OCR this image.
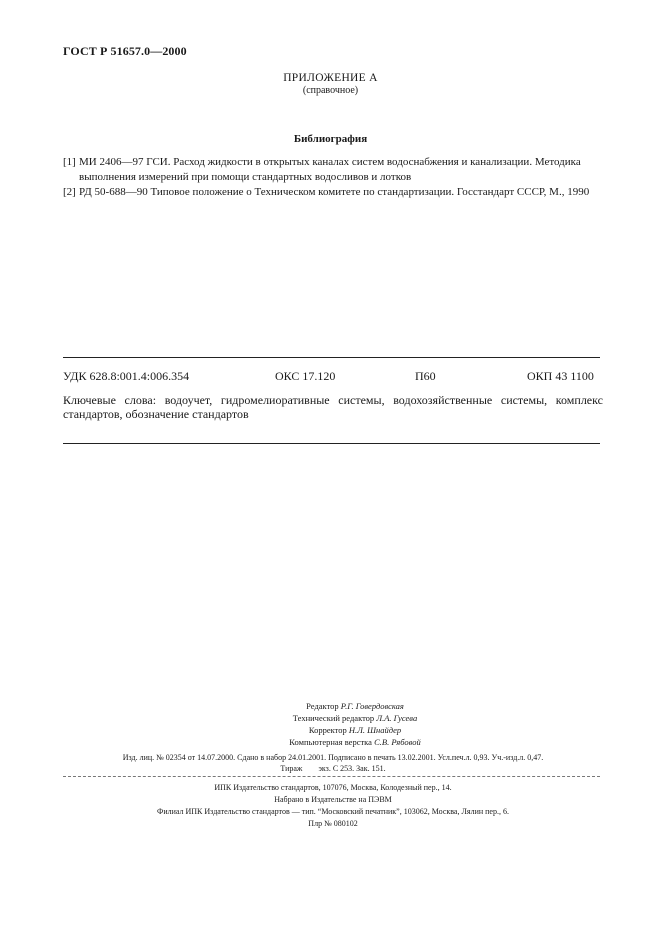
ГОСТ Р 51657.0—2000
ПРИЛОЖЕНИЕ А
(справочное)
Библиография
[1] МИ 2406—97 ГСИ. Расход жидкости в открытых каналах систем водоснабжения и канализации. Методика выполнения измерений при помощи стандартных водосливов и лотков
[2] РД 50-688—90 Типовое положение о Техническом комитете по стандартизации. Госстандарт СССР, М., 1990
УДК 628.8:001.4:006.354	ОКС 17.120	П60	ОКП 43 1100
Ключевые слова: водоучет, гидромелиоративные системы, водохозяйственные системы, комплекс стандартов, обозначение стандартов
Редактор Р.Г. Говердовская
Технический редактор Л.А. Гусева
Корректор Н.Л. Шнайдер
Компьютерная верстка С.В. Рябовой
Изд. лиц. № 02354 от 14.07.2000. Сдано в набор 24.01.2001. Подписано в печать 13.02.2001. Усл.печ.л. 0,93. Уч.-изд.л. 0,47.
Тираж        экз. С 253. Зак. 151.
ИПК Издательство стандартов, 107076, Москва, Колодезный пер., 14.
Набрано в Издательстве на ПЭВМ
Филиал ИПК Издательство стандартов — тип. “Московский печатник”, 103062, Москва, Лялин пер., 6.
Плр № 080102
